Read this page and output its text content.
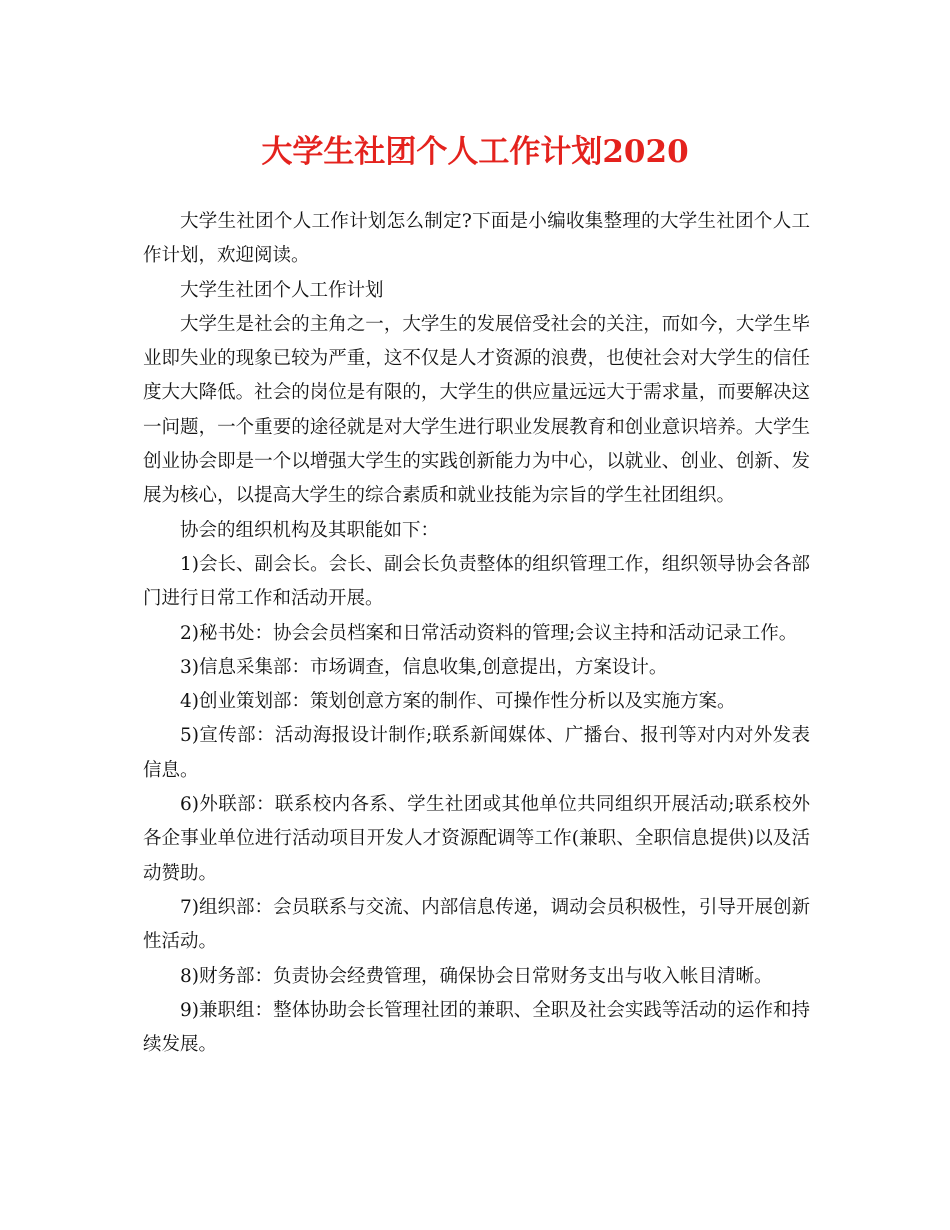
大学生社团个人工作计划2020

大学生社团个人工作计划怎么制定?下面是小编收集整理的大学生社团个人工作计划，欢迎阅读。

大学生社团个人工作计划

大学生是社会的主角之一，大学生的发展倍受社会的关注，而如今，大学生毕业即失业的现象已较为严重，这不仅是人才资源的浪费，也使社会对大学生的信任度大大降低。社会的岗位是有限的，大学生的供应量远远大于需求量，而要解决这一问题，一个重要的途径就是对大学生进行职业发展教育和创业意识培养。大学生创业协会即是一个以增强大学生的实践创新能力为中心，以就业、创业、创新、发展为核心，以提高大学生的综合素质和就业技能为宗旨的学生社团组织。

协会的组织机构及其职能如下：

1)会长、副会长。会长、副会长负责整体的组织管理工作，组织领导协会各部门进行日常工作和活动开展。

2)秘书处：协会会员档案和日常活动资料的管理;会议主持和活动记录工作。

3)信息采集部：市场调查，信息收集,创意提出，方案设计。

4)创业策划部：策划创意方案的制作、可操作性分析以及实施方案。

5)宣传部：活动海报设计制作;联系新闻媒体、广播台、报刊等对内对外发表信息。

6)外联部：联系校内各系、学生社团或其他单位共同组织开展活动;联系校外各企事业单位进行活动项目开发人才资源配调等工作(兼职、全职信息提供)以及活动赞助。

7)组织部：会员联系与交流、内部信息传递，调动会员积极性，引导开展创新性活动。

8)财务部：负责协会经费管理，确保协会日常财务支出与收入帐目清晰。

9)兼职组：整体协助会长管理社团的兼职、全职及社会实践等活动的运作和持续发展。
